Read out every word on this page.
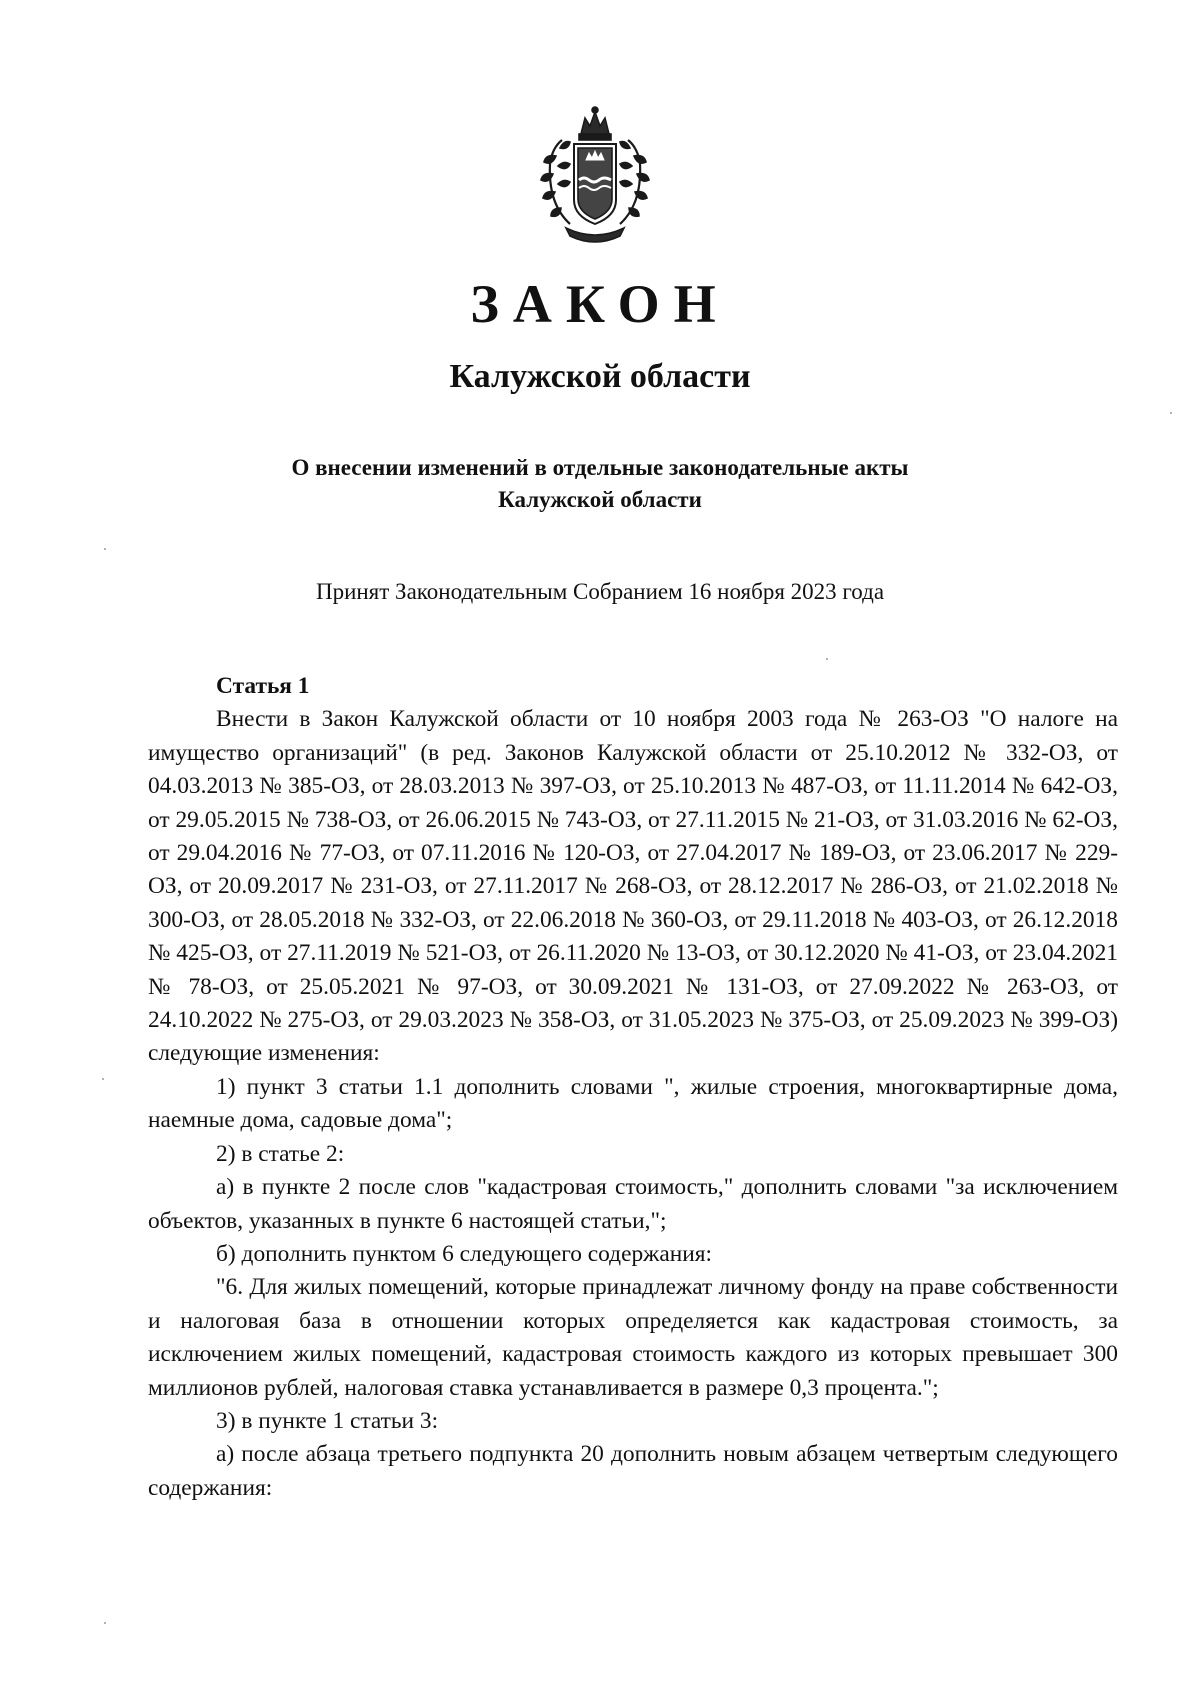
ЗАКОН
Калужской области
О внесении изменений в отдельные законодательные акты
Калужской области
Принят Законодательным Собранием 16 ноября 2023 года

Статья 1

Внести в Закон Калужской области от 10 ноября 2003 года № 263-ОЗ "О налоге на имущество организаций" (в ред. Законов Калужской области от 25.10.2012 № 332-ОЗ, от 04.03.2013 № 385-ОЗ, от 28.03.2013 № 397-ОЗ, от 25.10.2013 № 487-ОЗ, от 11.11.2014 № 642-ОЗ, от 29.05.2015 № 738-ОЗ, от 26.06.2015 № 743-ОЗ, от 27.11.2015 № 21-ОЗ, от 31.03.2016 № 62-ОЗ, от 29.04.2016 № 77-ОЗ, от 07.11.2016 № 120-ОЗ, от 27.04.2017 № 189-ОЗ, от 23.06.2017 № 229-ОЗ, от 20.09.2017 № 231-ОЗ, от 27.11.2017 № 268-ОЗ, от 28.12.2017 № 286-ОЗ, от 21.02.2018 № 300-ОЗ, от 28.05.2018 № 332-ОЗ, от 22.06.2018 № 360-ОЗ, от 29.11.2018 № 403-ОЗ, от 26.12.2018 № 425-ОЗ, от 27.11.2019 № 521-ОЗ, от 26.11.2020 № 13-ОЗ, от 30.12.2020 № 41-ОЗ, от 23.04.2021 № 78-ОЗ, от 25.05.2021 № 97-ОЗ, от 30.09.2021 № 131-ОЗ, от 27.09.2022 № 263-ОЗ, от 24.10.2022 № 275-ОЗ, от 29.03.2023 № 358-ОЗ, от 31.05.2023 № 375-ОЗ, от 25.09.2023 № 399-ОЗ) следующие изменения:

1) пункт 3 статьи 1.1 дополнить словами ", жилые строения, многоквартирные дома, наемные дома, садовые дома";

2) в статье 2:

а) в пункте 2 после слов "кадастровая стоимость," дополнить словами "за исключением объектов, указанных в пункте 6 настоящей статьи,";

б) дополнить пунктом 6 следующего содержания:

"6. Для жилых помещений, которые принадлежат личному фонду на праве собственности и налоговая база в отношении которых определяется как кадастровая стоимость, за исключением жилых помещений, кадастровая стоимость каждого из которых превышает 300 миллионов рублей, налоговая ставка устанавливается в размере 0,3 процента.";

3) в пункте 1 статьи 3:

а) после абзаца третьего подпункта 20 дополнить новым абзацем четвертым следующего содержания:
